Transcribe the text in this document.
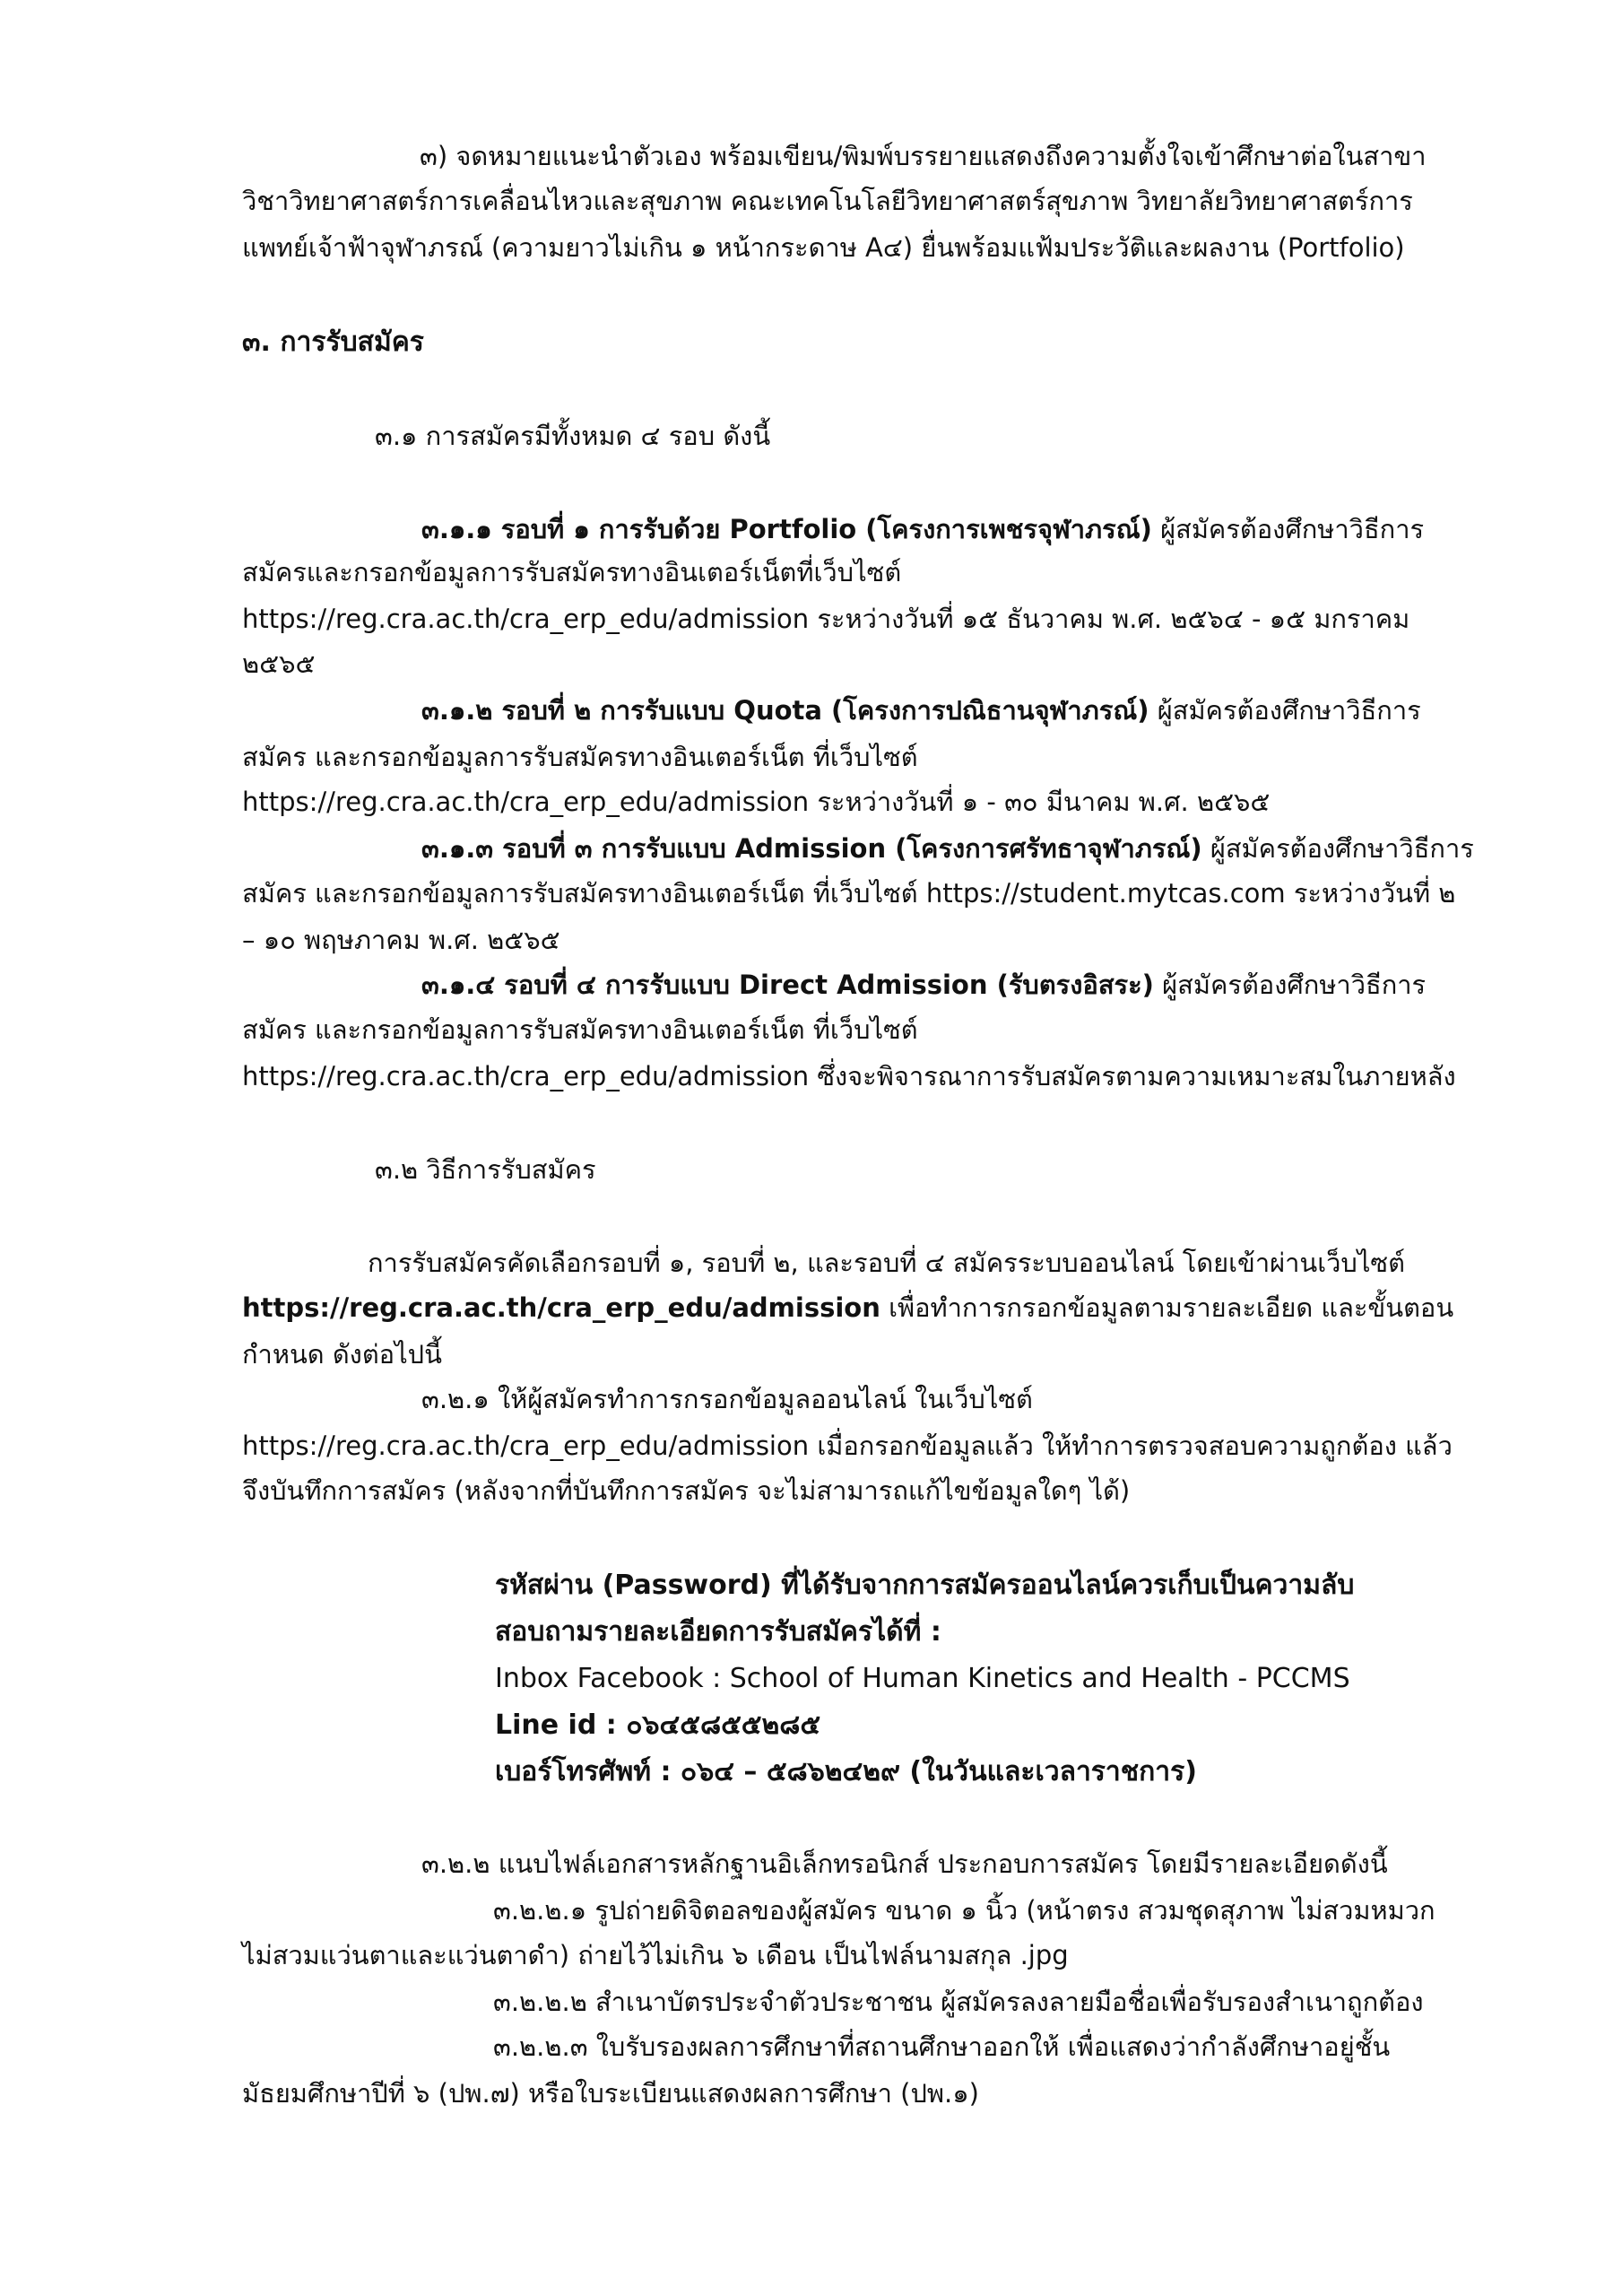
๓) จดหมายแนะนำตัวเอง พร้อมเขียน/พิมพ์บรรยายแสดงถึงความตั้งใจเข้าศึกษาต่อในสาขา
วิชาวิทยาศาสตร์การเคลื่อนไหวและสุขภาพ คณะเทคโนโลยีวิทยาศาสตร์สุขภาพ วิทยาลัยวิทยาศาสตร์การ
แพทย์เจ้าฟ้าจุฬาภรณ์ (ความยาวไม่เกิน ๑ หน้ากระดาษ A๔) ยื่นพร้อมแฟ้มประวัติและผลงาน (Portfolio)
๓. การรับสมัคร
๓.๑ การสมัครมีทั้งหมด ๔ รอบ ดังนี้
๓.๑.๑ รอบที่ ๑ การรับด้วย Portfolio (โครงการเพชรจุฬาภรณ์) ผู้สมัครต้องศึกษาวิธีการ
สมัครและกรอกข้อมูลการรับสมัครทางอินเตอร์เน็ตที่เว็บไซต์
https://reg.cra.ac.th/cra_erp_edu/admission ระหว่างวันที่ ๑๕ ธันวาคม พ.ศ. ๒๕๖๔ - ๑๕ มกราคม
๒๕๖๕
๓.๑.๒ รอบที่ ๒ การรับแบบ Quota (โครงการปณิธานจุฬาภรณ์) ผู้สมัครต้องศึกษาวิธีการ
สมัคร และกรอกข้อมูลการรับสมัครทางอินเตอร์เน็ต ที่เว็บไซต์
https://reg.cra.ac.th/cra_erp_edu/admission ระหว่างวันที่ ๑ - ๓๐ มีนาคม พ.ศ. ๒๕๖๕
๓.๑.๓ รอบที่ ๓ การรับแบบ Admission (โครงการศรัทธาจุฬาภรณ์) ผู้สมัครต้องศึกษาวิธีการ
สมัคร และกรอกข้อมูลการรับสมัครทางอินเตอร์เน็ต ที่เว็บไซต์ https://student.mytcas.com ระหว่างวันที่ ๒
– ๑๐ พฤษภาคม พ.ศ. ๒๕๖๕
๓.๑.๔ รอบที่ ๔ การรับแบบ Direct Admission (รับตรงอิสระ) ผู้สมัครต้องศึกษาวิธีการ
สมัคร และกรอกข้อมูลการรับสมัครทางอินเตอร์เน็ต ที่เว็บไซต์
https://reg.cra.ac.th/cra_erp_edu/admission ซึ่งจะพิจารณาการรับสมัครตามความเหมาะสมในภายหลัง
๓.๒ วิธีการรับสมัคร
การรับสมัครคัดเลือกรอบที่ ๑, รอบที่ ๒, และรอบที่ ๔ สมัครระบบออนไลน์ โดยเข้าผ่านเว็บไซต์
https://reg.cra.ac.th/cra_erp_edu/admission เพื่อทำการกรอกข้อมูลตามรายละเอียด และขั้นตอน
กำหนด ดังต่อไปนี้
๓.๒.๑ ให้ผู้สมัครทำการกรอกข้อมูลออนไลน์ ในเว็บไซต์
https://reg.cra.ac.th/cra_erp_edu/admission เมื่อกรอกข้อมูลแล้ว ให้ทำการตรวจสอบความถูกต้อง แล้ว
จึงบันทึกการสมัคร (หลังจากที่บันทึกการสมัคร จะไม่สามารถแก้ไขข้อมูลใดๆ ได้)
รหัสผ่าน (Password) ที่ได้รับจากการสมัครออนไลน์ควรเก็บเป็นความลับ
สอบถามรายละเอียดการรับสมัครได้ที่ :
Inbox Facebook : School of Human Kinetics and Health - PCCMS
Line id : ๐๖๔๕๘๕๕๒๘๕
เบอร์โทรศัพท์ : ๐๖๔ – ๕๘๖๒๔๒๙ (ในวันและเวลาราชการ)
๓.๒.๒ แนบไฟล์เอกสารหลักฐานอิเล็กทรอนิกส์ ประกอบการสมัคร โดยมีรายละเอียดดังนี้
๓.๒.๒.๑ รูปถ่ายดิจิตอลของผู้สมัคร ขนาด ๑ นิ้ว (หน้าตรง สวมชุดสุภาพ ไม่สวมหมวก
ไม่สวมแว่นตาและแว่นตาดำ) ถ่ายไว้ไม่เกิน ๖ เดือน เป็นไฟล์นามสกุล .jpg
๓.๒.๒.๒ สำเนาบัตรประจำตัวประชาชน ผู้สมัครลงลายมือชื่อเพื่อรับรองสำเนาถูกต้อง
๓.๒.๒.๓ ใบรับรองผลการศึกษาที่สถานศึกษาออกให้ เพื่อแสดงว่ากำลังศึกษาอยู่ชั้น
มัธยมศึกษาปีที่ ๖ (ปพ.๗) หรือใบระเบียนแสดงผลการศึกษา (ปพ.๑)
